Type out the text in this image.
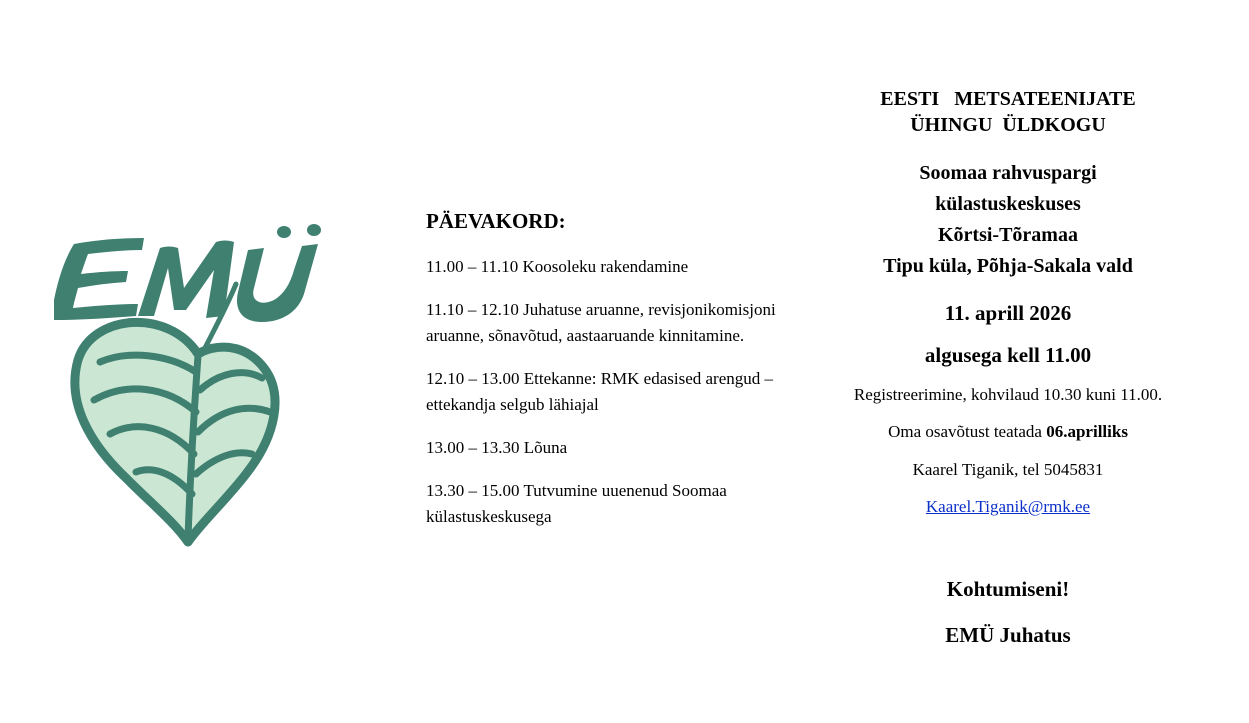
PÄEVAKORD:

11.00 – 11.10 Koosoleku rakendamine

11.10 – 12.10 Juhatuse aruanne, revisjonikomisjoni aruanne, sõnavõtud, aastaaruande kinnitamine.

12.10 – 13.00 Ettekanne: RMK edasised arengud – ettekandja selgub lähiajal

13.00 – 13.30 Lõuna

13.30 – 15.00 Tutvumine uuenenud Soomaa külastuskeskusega

EESTI   METSATEENIJATE
ÜHINGU  ÜLDKOGU
Soomaa rahvuspargi
külastuskeskuses
Kõrtsi-Tõramaa
Tipu küla, Põhja-Sakala vald
11. aprill 2026
algusega kell 11.00
Registreerimine, kohvilaud 10.30 kuni 11.00.
Oma osavõtust teatada 06.aprilliks
Kaarel Tiganik, tel 5045831
Kaarel.Tiganik@rmk.ee
Kohtumiseni!
EMÜ Juhatus
